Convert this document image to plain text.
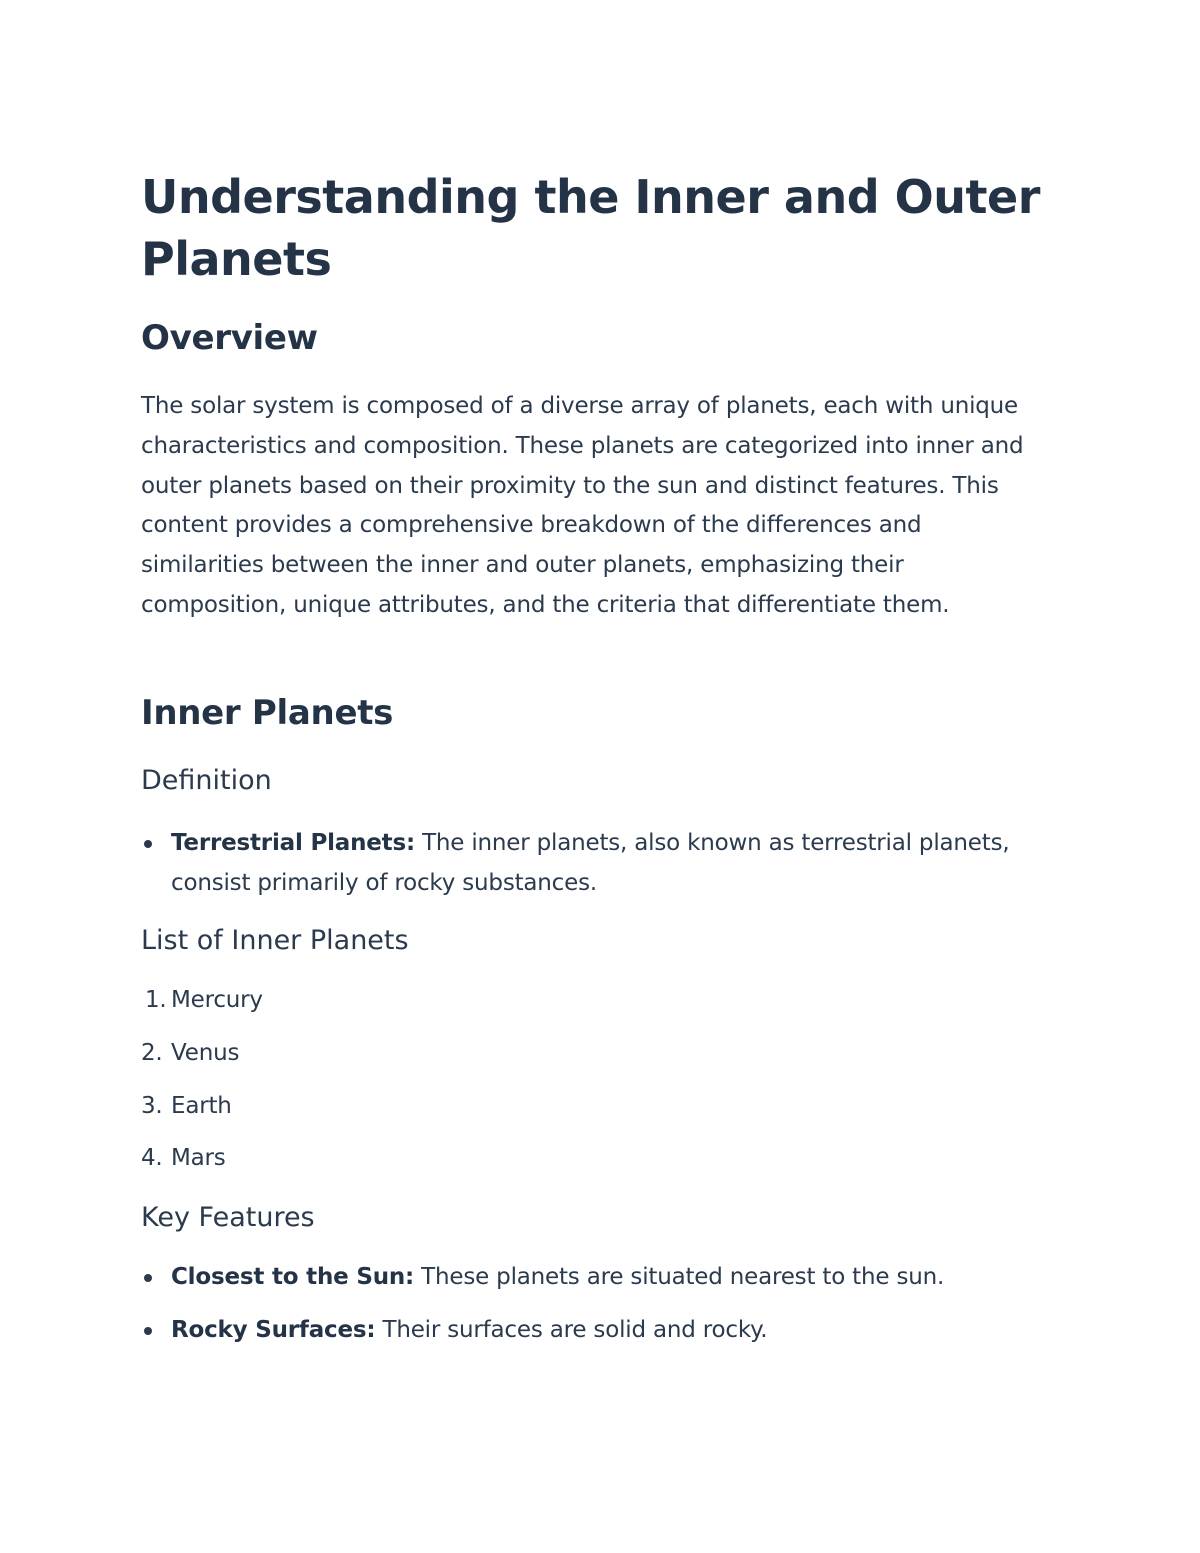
Understanding the Inner and Outer Planets
Overview

The solar system is composed of a diverse array of planets, each with unique characteristics and composition. These planets are categorized into inner and outer planets based on their proximity to the sun and distinct features. This content provides a comprehensive breakdown of the differences and similarities between the inner and outer planets, emphasizing their composition, unique attributes, and the criteria that differentiate them.

Inner Planets
Definition
Terrestrial Planets: The inner planets, also known as terrestrial planets, consist primarily of rocky substances.
List of Inner Planets
1. Mercury
2. Venus
3. Earth
4. Mars
Key Features
Closest to the Sun: These planets are situated nearest to the sun.
Rocky Surfaces: Their surfaces are solid and rocky.
